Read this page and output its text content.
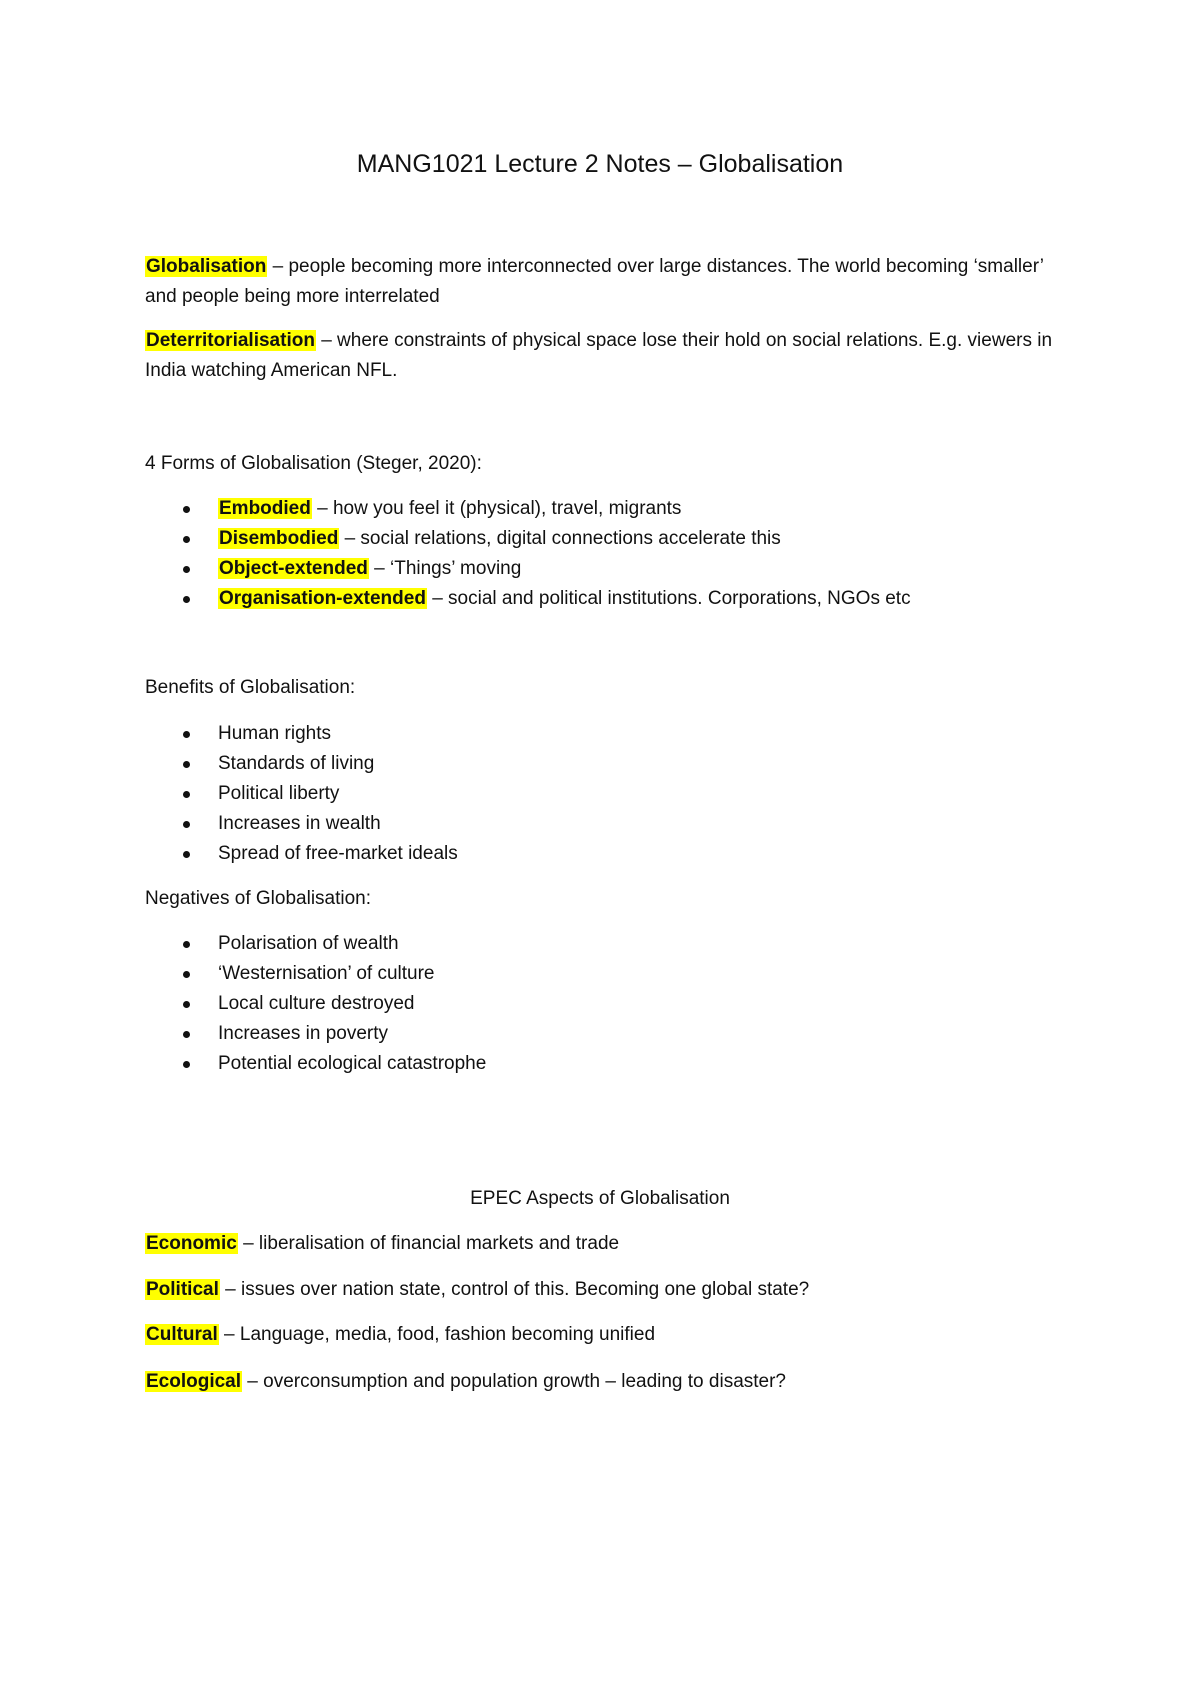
MANG1021 Lecture 2 Notes – Globalisation

Globalisation – people becoming more interconnected over large distances. The world becoming ‘smaller’ and people being more interrelated

Deterritorialisation – where constraints of physical space lose their hold on social relations. E.g. viewers in India watching American NFL.

4 Forms of Globalisation (Steger, 2020):
Embodied – how you feel it (physical), travel, migrants
Disembodied – social relations, digital connections accelerate this
Object-extended – ‘Things’ moving
Organisation-extended – social and political institutions. Corporations, NGOs etc
Benefits of Globalisation:
Human rights
Standards of living
Political liberty
Increases in wealth
Spread of free-market ideals
Negatives of Globalisation:
Polarisation of wealth
‘Westernisation’ of culture
Local culture destroyed
Increases in poverty
Potential ecological catastrophe
EPEC Aspects of Globalisation

Economic – liberalisation of financial markets and trade

Political – issues over nation state, control of this. Becoming one global state?

Cultural – Language, media, food, fashion becoming unified

Ecological – overconsumption and population growth – leading to disaster?
